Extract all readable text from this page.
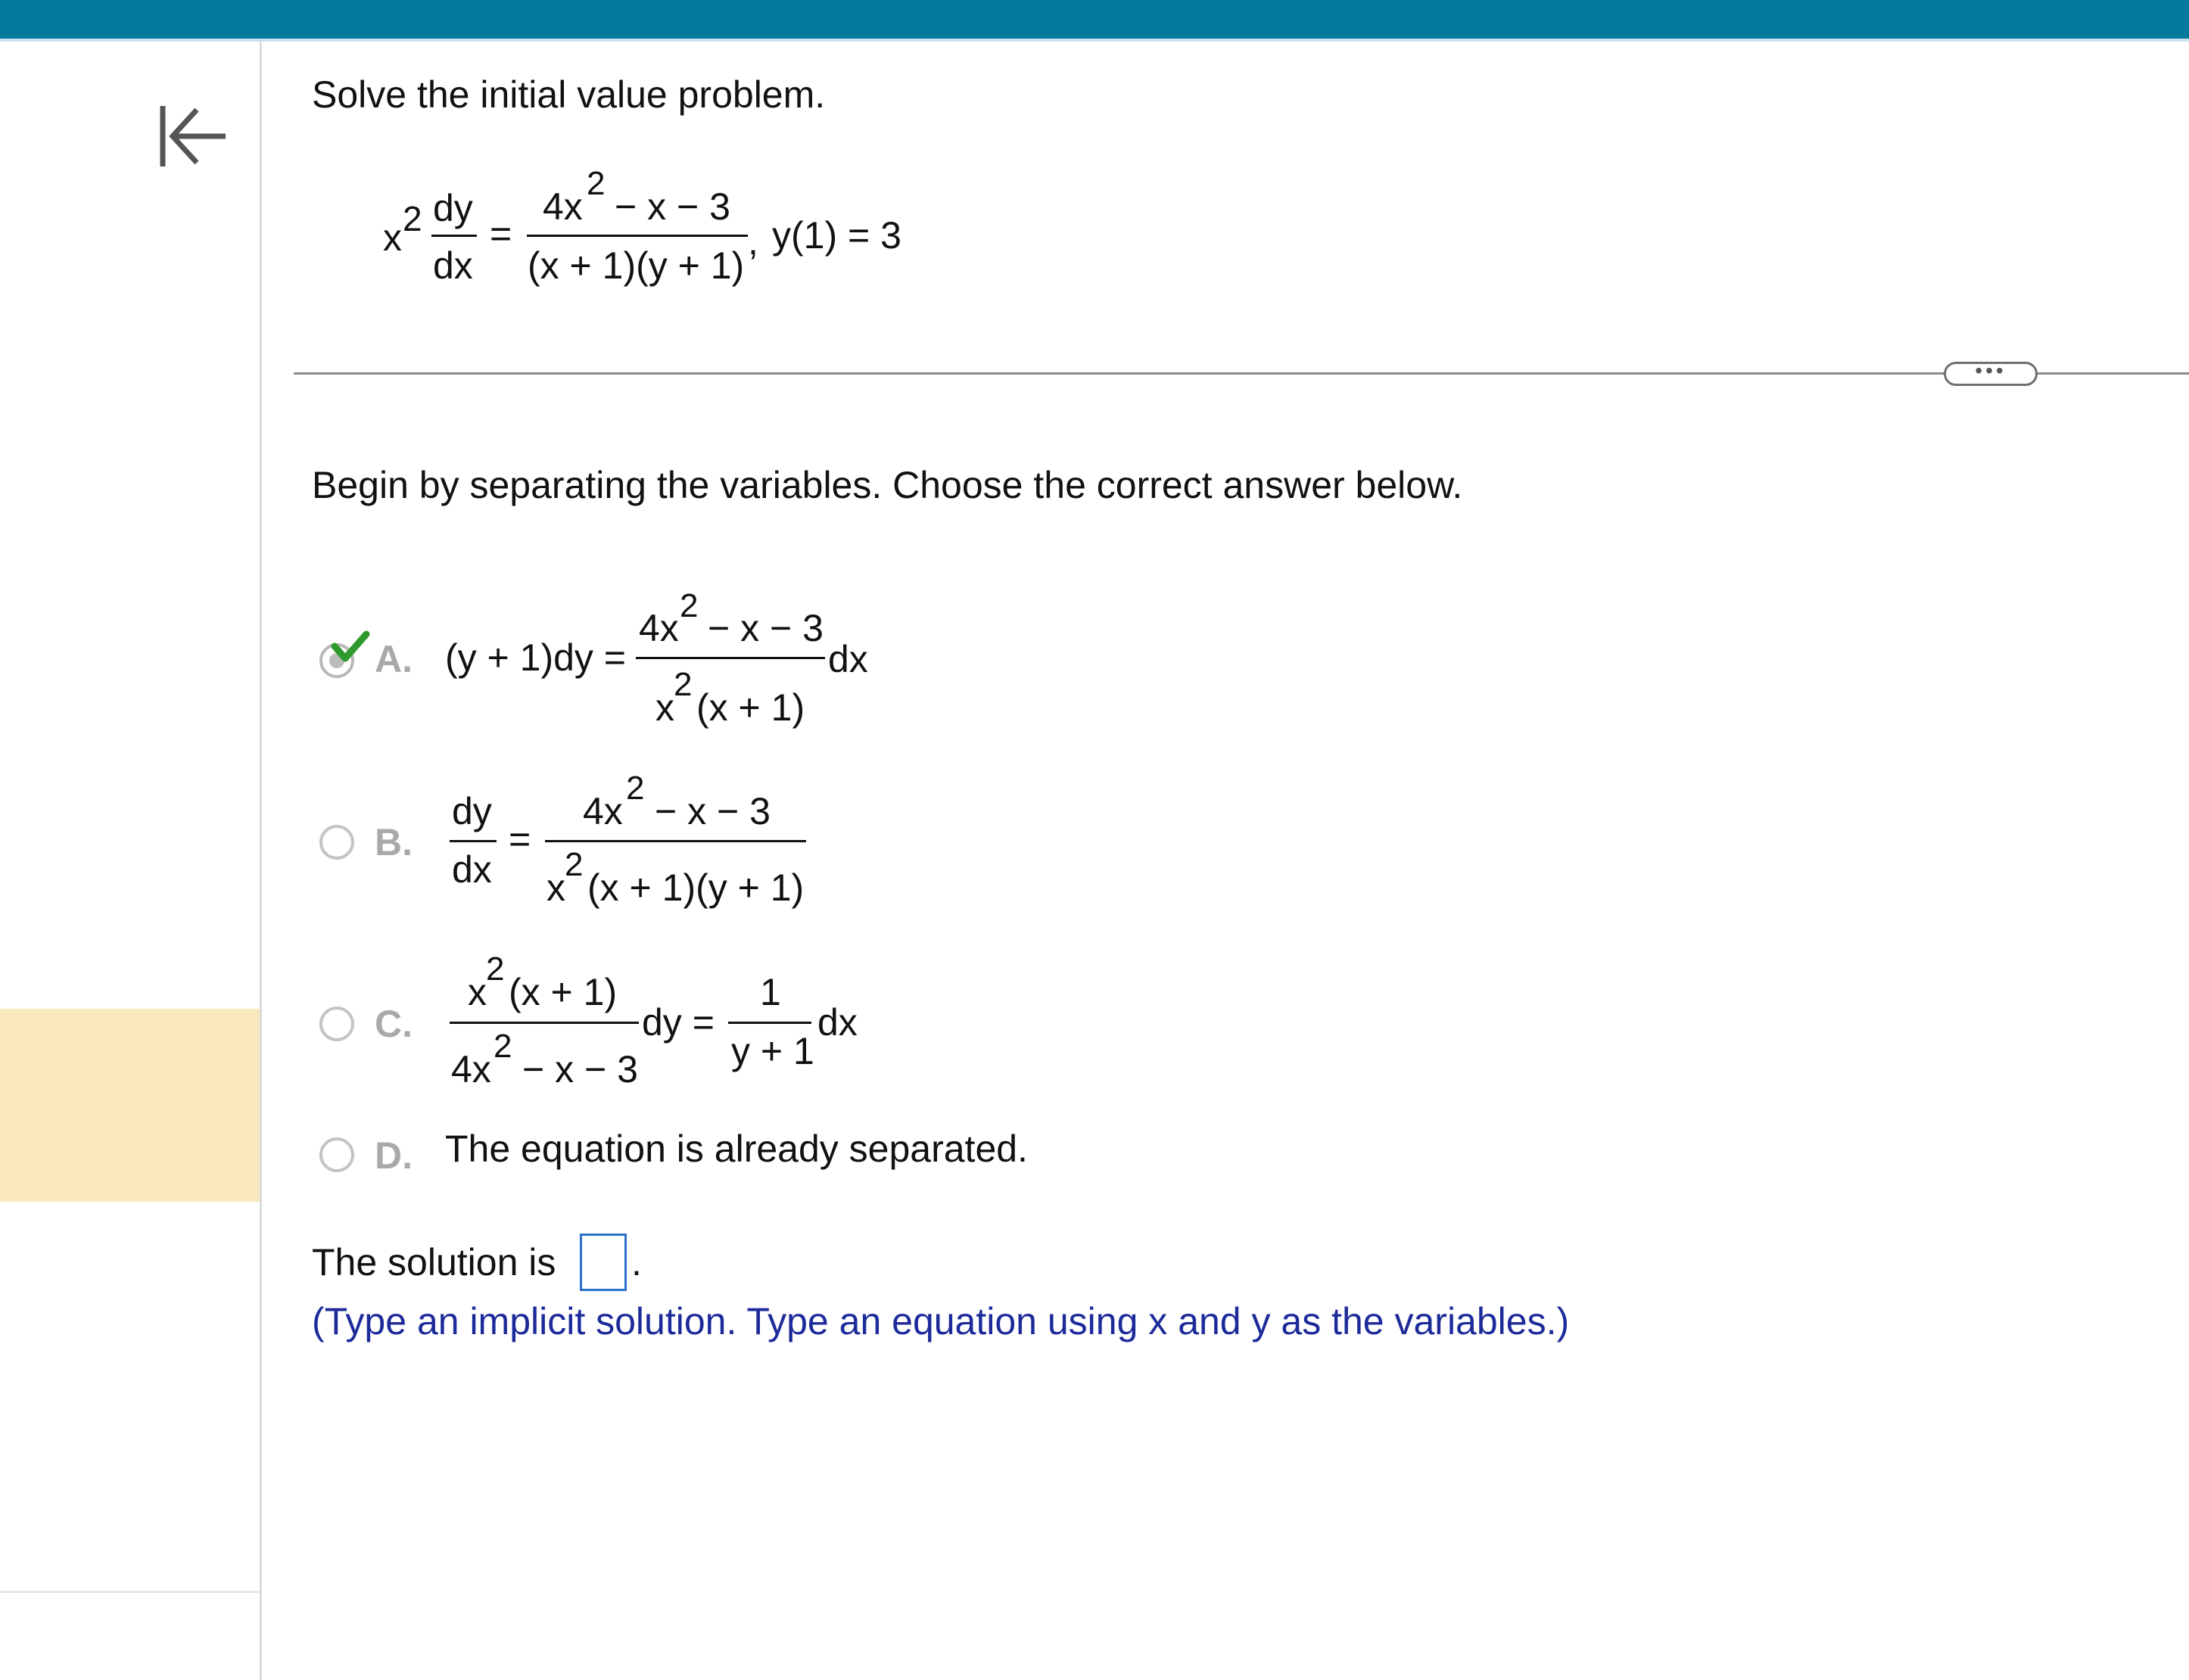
Solve the initial value problem.
x 2 dy
dx
=
4x
2
− x − 3
(x + 1)(y + 1)
, y(1) = 3
•••
Begin by separating the variables. Choose the correct answer below.
A. (y + 1)dy =
4x
2
− x − 3
x
2
(x + 1)
dx
B.
dy
dx
=
4x
2
− x − 3
x
2
(x + 1)(y + 1)
C.
x
2
(x + 1)
4x
2
− x − 3
dy =
1
y + 1
dx
D. The equation is already separated.
The solution is .
(Type an implicit solution. Type an equation using x and y as the variables.)
